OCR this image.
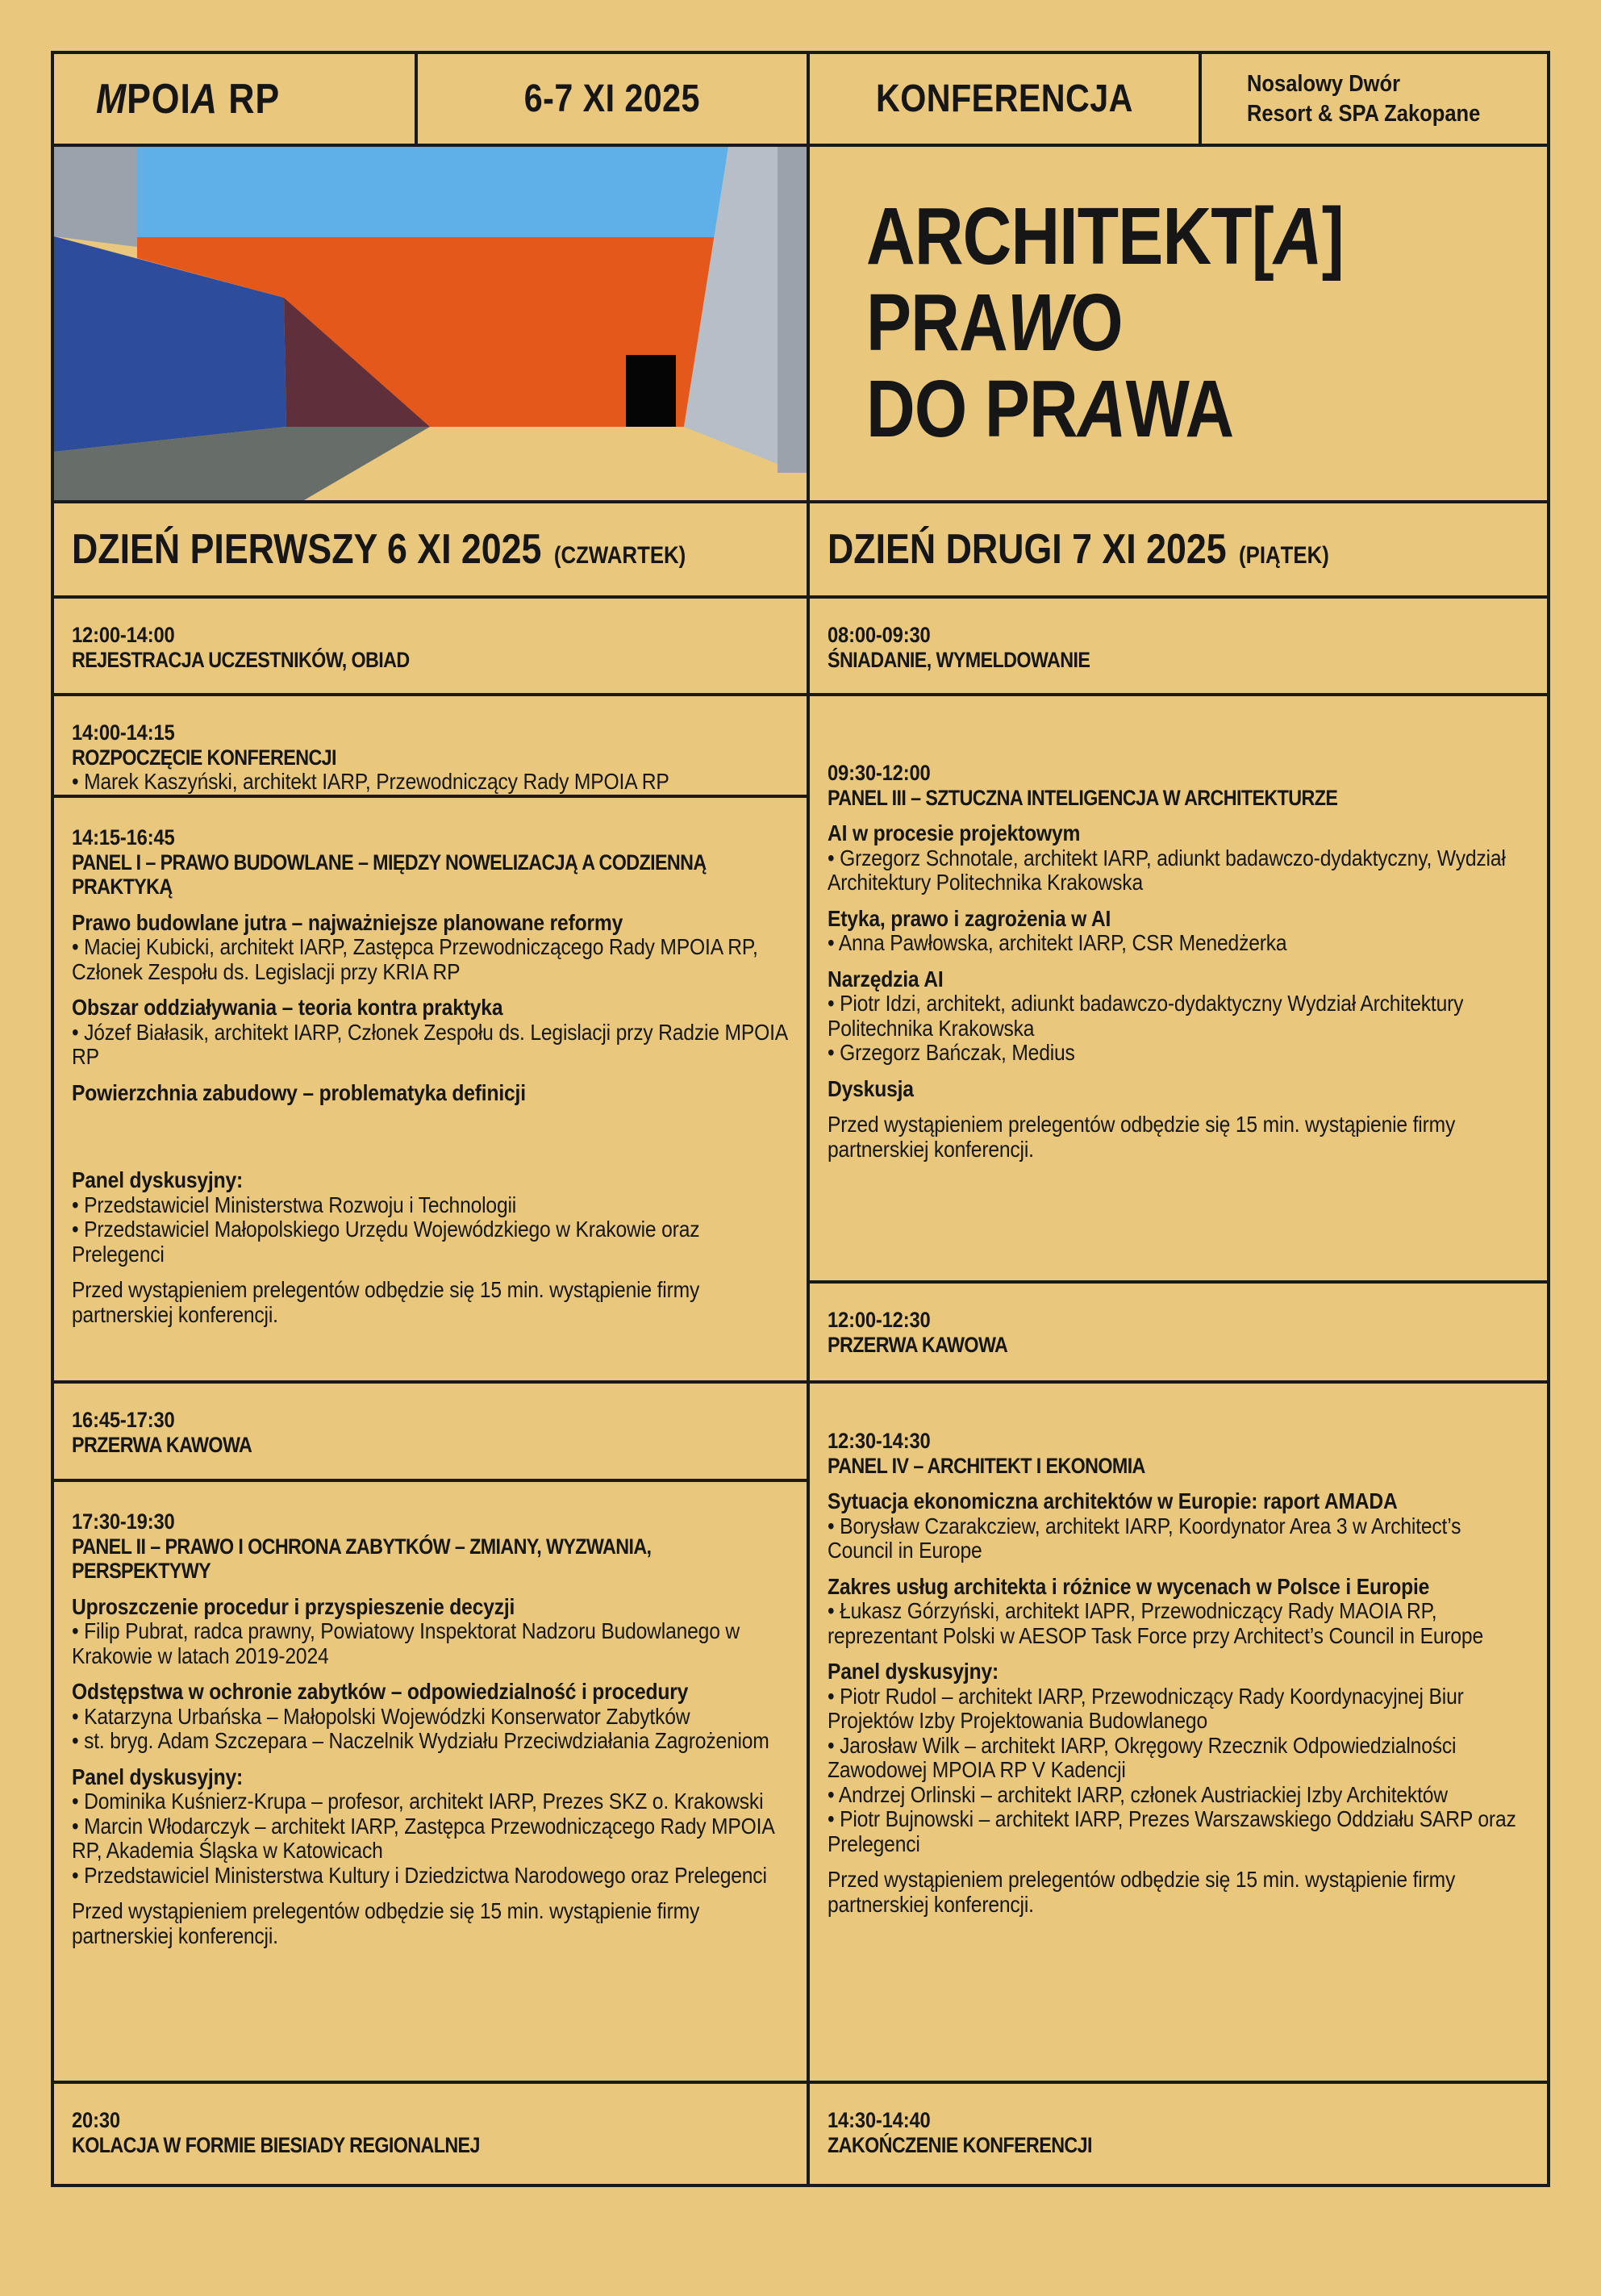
MPOIA RP	6-7 XI 2025	KONFERENCJA	Nosalowy Dwór
Resort & SPA Zakopane
ARCHITEKT[A]
PRAWO
DO PRAWA
DZIEŃ PIERWSZY 6 XI 2025 (CZWARTEK)	DZIEŃ DRUGI 7 XI 2025 (PIĄTEK)
12:00-14:00
REJESTRACJA UCZESTNIKÓW, OBIAD
14:00-14:15
ROZPOCZĘCIE KONFERENCJI
• Marek Kaszyński, architekt IARP, Przewodniczący Rady MPOIA RP
14:15-16:45
PANEL I – PRAWO BUDOWLANE – MIĘDZY NOWELIZACJĄ A CODZIENNĄ PRAKTYKĄ
Prawo budowlane jutra – najważniejsze planowane reformy
• Maciej Kubicki, architekt IARP, Zastępca Przewodniczącego Rady MPOIA RP, Członek Zespołu ds. Legislacji przy KRIA RP
Obszar oddziaływania – teoria kontra praktyka
• Józef Białasik, architekt IARP, Członek Zespołu ds. Legislacji przy Radzie MPOIA RP
Powierzchnia zabudowy – problematyka definicji
Panel dyskusyjny:
• Przedstawiciel Ministerstwa Rozwoju i Technologii
• Przedstawiciel Małopolskiego Urzędu Wojewódzkiego w Krakowie oraz Prelegenci
Przed wystąpieniem prelegentów odbędzie się 15 min. wystąpienie firmy partnerskiej konferencji.
16:45-17:30
PRZERWA KAWOWA
17:30-19:30
PANEL II – PRAWO I OCHRONA ZABYTKÓW – ZMIANY, WYZWANIA, PERSPEKTYWY
Uproszczenie procedur i przyspieszenie decyzji
• Filip Pubrat, radca prawny, Powiatowy Inspektorat Nadzoru Budowlanego w Krakowie w latach 2019-2024
Odstępstwa w ochronie zabytków – odpowiedzialność i procedury
• Katarzyna Urbańska – Małopolski Wojewódzki Konserwator Zabytków
• st. bryg. Adam Szczepara – Naczelnik Wydziału Przeciwdziałania Zagrożeniom
Panel dyskusyjny:
• Dominika Kuśnierz-Krupa – profesor, architekt IARP, Prezes SKZ o. Krakowski
• Marcin Włodarczyk – architekt IARP, Zastępca Przewodniczącego Rady MPOIA RP, Akademia Śląska w Katowicach
• Przedstawiciel Ministerstwa Kultury i Dziedzictwa Narodowego oraz Prelegenci
Przed wystąpieniem prelegentów odbędzie się 15 min. wystąpienie firmy partnerskiej konferencji.
20:30
KOLACJA W FORMIE BIESIADY REGIONALNEJ
08:00-09:30
ŚNIADANIE, WYMELDOWANIE
09:30-12:00
PANEL III – SZTUCZNA INTELIGENCJA W ARCHITEKTURZE
AI w procesie projektowym
• Grzegorz Schnotale, architekt IARP, adiunkt badawczo-dydaktyczny, Wydział Architektury Politechnika Krakowska
Etyka, prawo i zagrożenia w AI
• Anna Pawłowska, architekt IARP, CSR Menedżerka
Narzędzia AI
• Piotr Idzi, architekt, adiunkt badawczo-dydaktyczny Wydział Architektury Politechnika Krakowska
• Grzegorz Bańczak, Medius
Dyskusja
Przed wystąpieniem prelegentów odbędzie się 15 min. wystąpienie firmy partnerskiej konferencji.
12:00-12:30
PRZERWA KAWOWA
12:30-14:30
PANEL IV – ARCHITEKT I EKONOMIA
Sytuacja ekonomiczna architektów w Europie: raport AMADA
• Borysław Czarakcziew, architekt IARP, Koordynator Area 3 w Architect’s Council in Europe
Zakres usług architekta i różnice w wycenach w Polsce i Europie
• Łukasz Górzyński, architekt IAPR, Przewodniczący Rady MAOIA RP, reprezentant Polski w AESOP Task Force przy Architect’s Council in Europe
Panel dyskusyjny:
• Piotr Rudol – architekt IARP, Przewodniczący Rady Koordynacyjnej Biur Projektów Izby Projektowania Budowlanego
• Jarosław Wilk – architekt IARP, Okręgowy Rzecznik Odpowiedzialności Zawodowej MPOIA RP V Kadencji
• Andrzej Orlinski – architekt IARP, członek Austriackiej Izby Architektów
• Piotr Bujnowski – architekt IARP, Prezes Warszawskiego Oddziału SARP oraz Prelegenci
Przed wystąpieniem prelegentów odbędzie się 15 min. wystąpienie firmy partnerskiej konferencji.
14:30-14:40
ZAKOŃCZENIE KONFERENCJI
